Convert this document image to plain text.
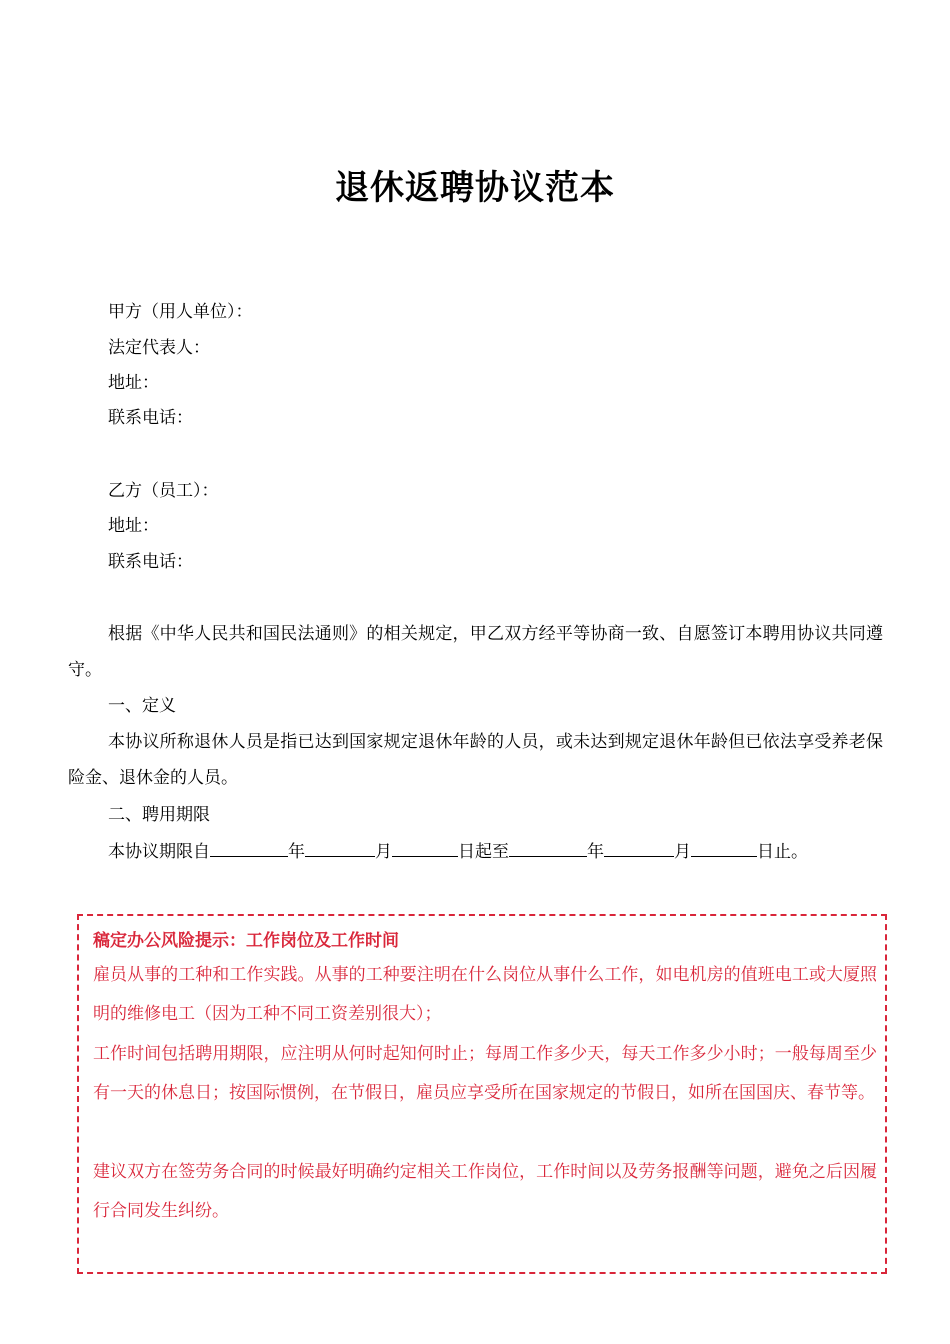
退休返聘协议范本
甲方（用人单位）：
法定代表人：
地址：
联系电话：
乙方（员工）：
地址：
联系电话：
根据《中华人民共和国民法通则》的相关规定，甲乙双方经平等协商一致、自愿签订本聘用协议共同遵守。
一、定义
本协议所称退休人员是指已达到国家规定退休年龄的人员，或未达到规定退休年龄但已依法享受养老保险金、退休金的人员。
二、聘用期限
本协议期限自	年	月	日起至	年	月	日止。
稿定办公风险提示：工作岗位及工作时间
雇员从事的工种和工作实践。从事的工种要注明在什么岗位从事什么工作，如电机房的值班电工或大厦照明的维修电工（因为工种不同工资差别很大）；
工作时间包括聘用期限，应注明从何时起知何时止；每周工作多少天，每天工作多少小时；一般每周至少有一天的休息日；按国际惯例，在节假日，雇员应享受所在国家规定的节假日，如所在国国庆、春节等。
建议双方在签劳务合同的时候最好明确约定相关工作岗位，工作时间以及劳务报酬等问题，避免之后因履行合同发生纠纷。
